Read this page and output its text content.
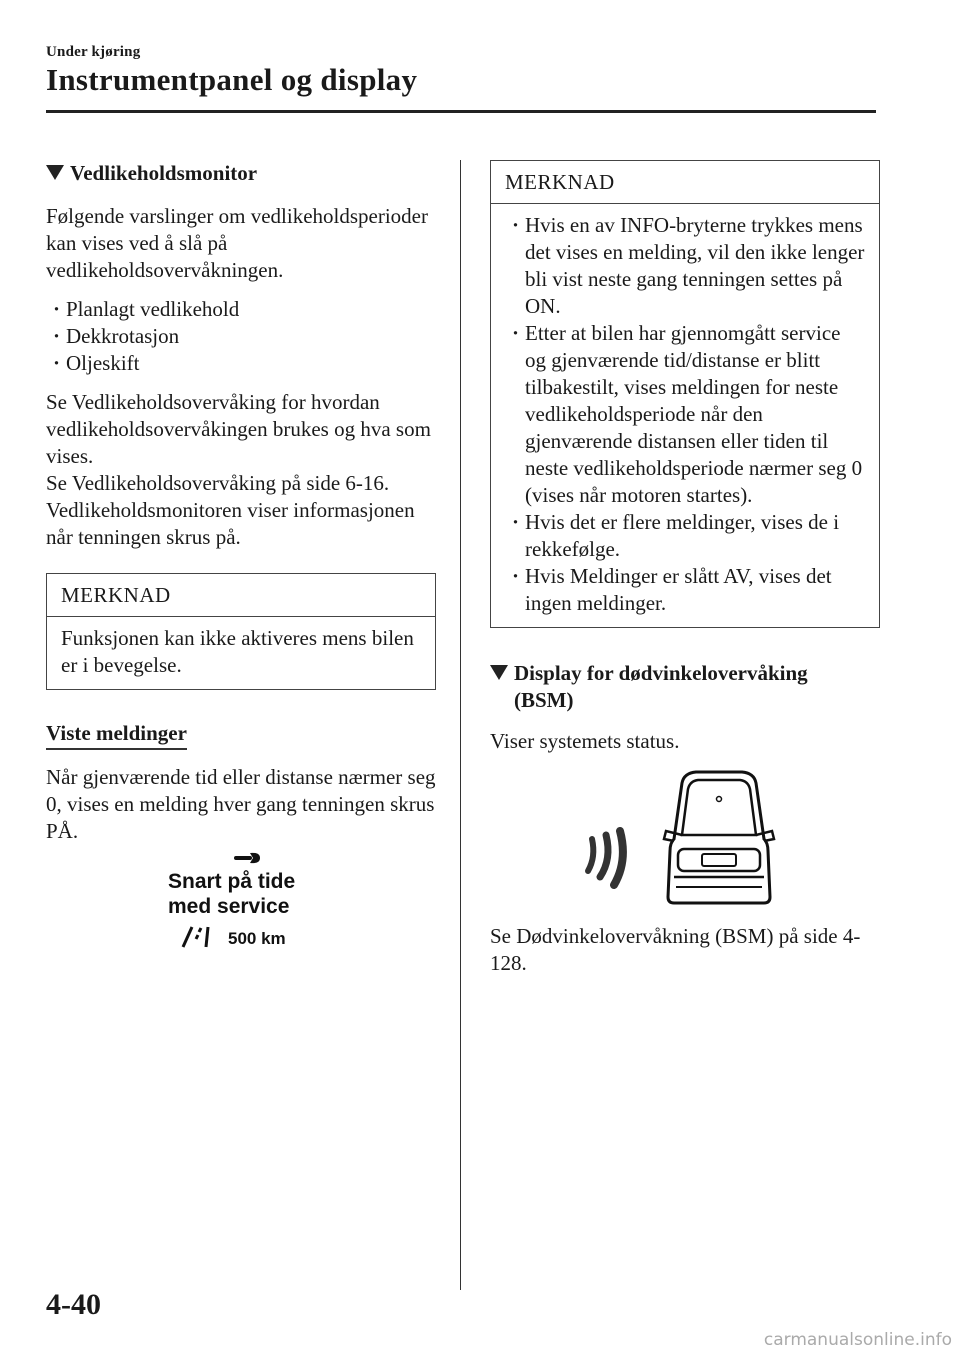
Under kjøring
Instrumentpanel og display
Vedlikeholdsmonitor

Følgende varslinger om vedlikeholdsperioder kan vises ved å slå på vedlikeholdsovervåkningen.

· Planlagt vedlikehold
· Dekkrotasjon
· Oljeskift

Se Vedlikeholdsovervåking for hvordan vedlikeholdsovervåkingen brukes og hva som vises.

Se Vedlikeholdsovervåking på side 6-16.

Vedlikeholdsmonitoren viser informasjonen når tenningen skrus på.

MERKNAD

Funksjonen kan ikke aktiveres mens bilen er i bevegelse.

Viste meldinger

Når gjenværende tid eller distanse nærmer seg 0, vises en melding hver gang tenningen skrus PÅ.

Snart på tide
med service
500 km
MERKNAD
· Hvis en av INFO-bryterne trykkes mens det vises en melding, vil den ikke lenger bli vist neste gang tenningen settes på ON.
· Etter at bilen har gjennomgått service og gjenværende tid/distanse er blitt tilbakestilt, vises meldingen for neste vedlikeholdsperiode når den gjenværende distansen eller tiden til neste vedlikeholdsperiode nærmer seg 0 (vises når motoren startes).
· Hvis det er flere meldinger, vises de i rekkefølge.
· Hvis Meldinger er slått AV, vises det ingen meldinger.
Display for dødvinkelovervåking
(BSM)

Viser systemets status.

Se Dødvinkelovervåkning (BSM) på side 4-128.

4-40
carmanualsonline.info
